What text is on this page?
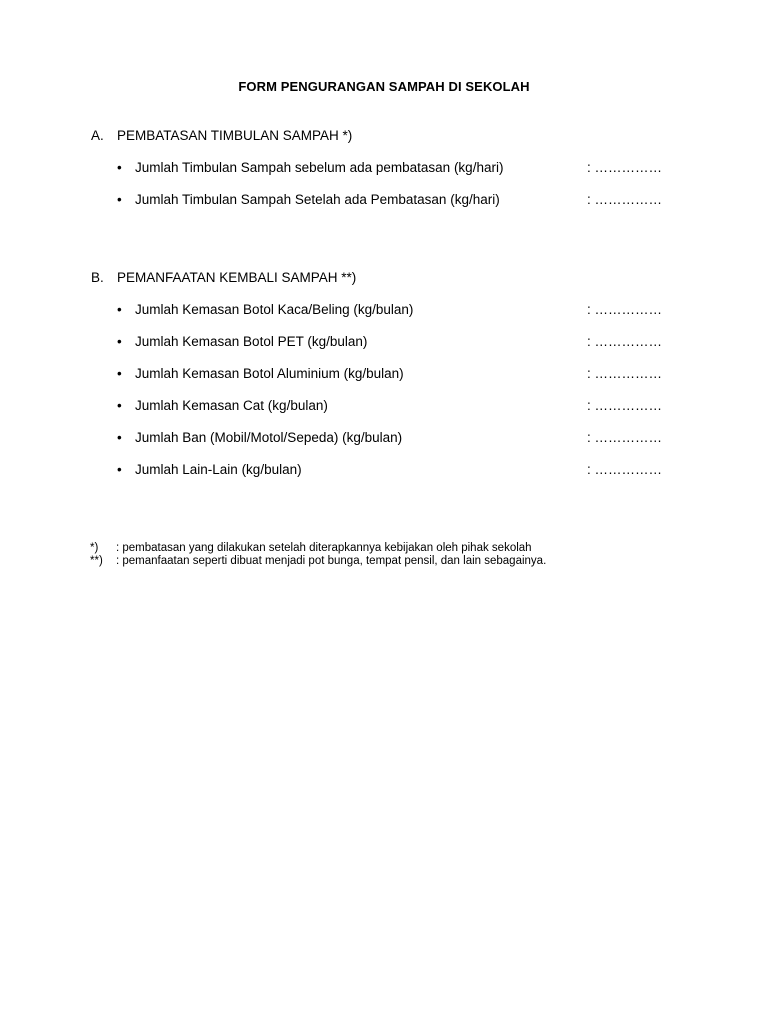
FORM PENGURANGAN SAMPAH DI SEKOLAH
A. PEMBATASAN TIMBULAN SAMPAH *)
• Jumlah Timbulan Sampah sebelum ada pembatasan (kg/hari)	: ……………
• Jumlah Timbulan Sampah Setelah ada Pembatasan (kg/hari)	: ……………
B. PEMANFAATAN KEMBALI SAMPAH **)
• Jumlah Kemasan Botol Kaca/Beling (kg/bulan)	: ……………
• Jumlah Kemasan Botol PET (kg/bulan)	: ……………
• Jumlah Kemasan Botol Aluminium (kg/bulan)	: ……………
• Jumlah Kemasan Cat (kg/bulan)	: ……………
• Jumlah Ban (Mobil/Motol/Sepeda) (kg/bulan)	: ……………
• Jumlah Lain-Lain (kg/bulan)	: ……………
*) : pembatasan yang dilakukan setelah diterapkannya kebijakan oleh pihak sekolah
**) : pemanfaatan seperti dibuat menjadi pot bunga, tempat pensil, dan lain sebagainya.
